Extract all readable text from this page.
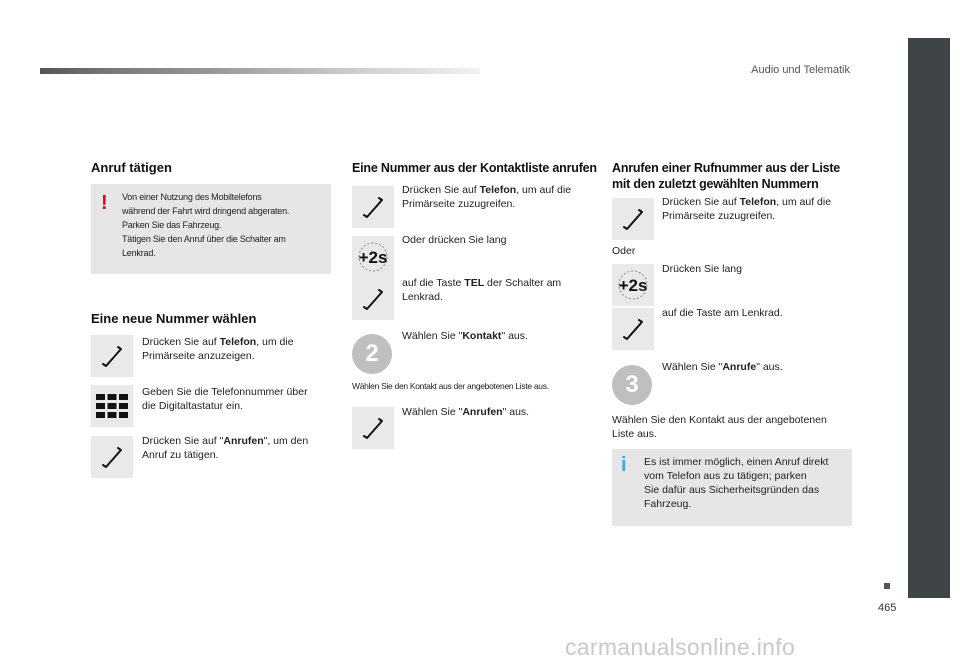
Audio und Telematik
465
Anruf tätigen
! Von einer Nutzung des Mobiltelefons
während der Fahrt wird dringend abgeraten.
Parken Sie das Fahrzeug.
Tätigen Sie den Anruf über die Schalter am
Lenkrad.
Eine neue Nummer wählen
Drücken Sie auf Telefon, um die
Primärseite anzuzeigen.
Geben Sie die Telefonnummer über
die Digitaltastatur ein.
Drücken Sie auf "Anrufen", um den
Anruf zu tätigen.
Eine Nummer aus der Kontaktliste anrufen
Drücken Sie auf Telefon, um auf die
Primärseite zuzugreifen.
+2s
Oder drücken Sie lang
auf die Taste TEL der Schalter am
Lenkrad.
2
Wählen Sie "Kontakt" aus.
Wählen Sie den Kontakt aus der angebotenen Liste aus.
Wählen Sie "Anrufen" aus.
Anrufen einer Rufnummer aus der Liste
mit den zuletzt gewählten Nummern
Drücken Sie auf Telefon, um auf die
Primärseite zuzugreifen.
Oder
+2s
Drücken Sie lang
auf die Taste am Lenkrad.
3
Wählen Sie "Anrufe" aus.
Wählen Sie den Kontakt aus der angebotenen
Liste aus.
i Es ist immer möglich, einen Anruf direkt
vom Telefon aus zu tätigen; parken
Sie dafür aus Sicherheitsgründen das
Fahrzeug.
carmanualsonline.info
